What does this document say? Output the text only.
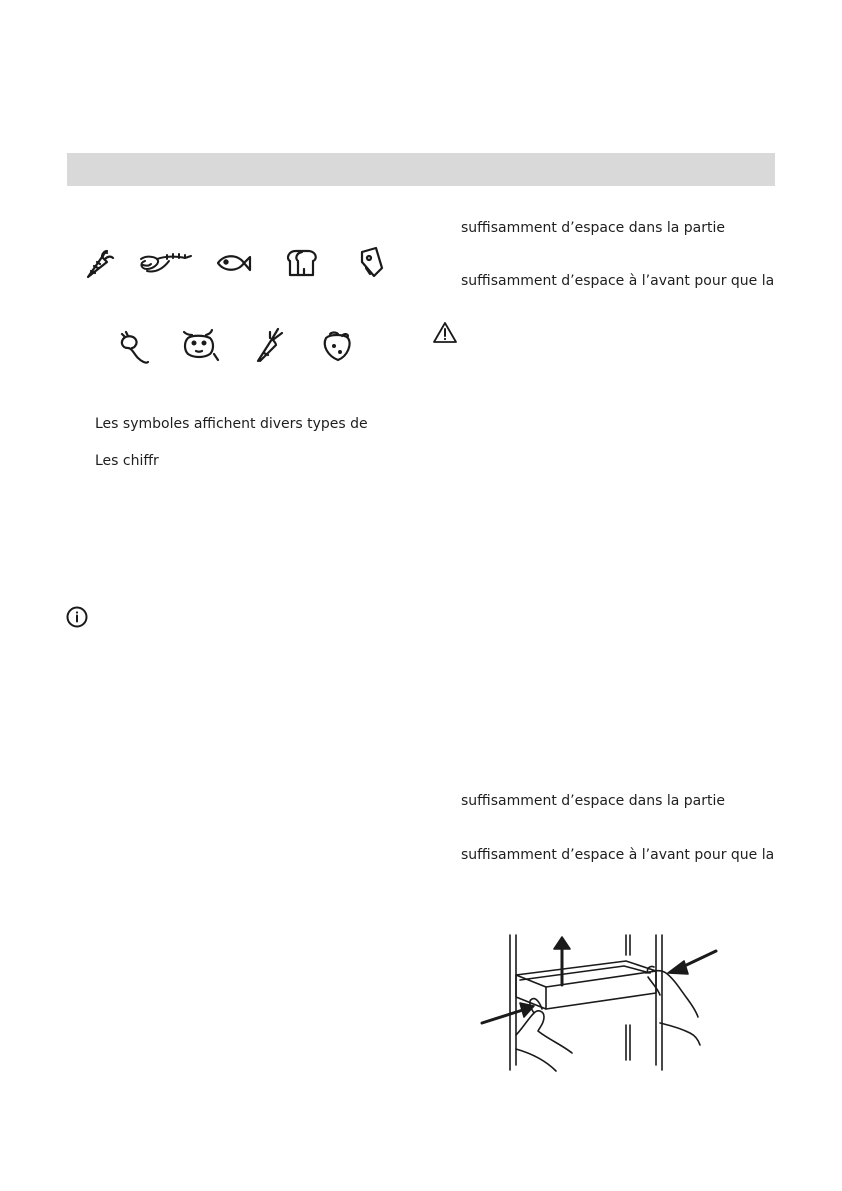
Les symboles affichent divers types de
Les chiffr
suffisamment d’espace dans la partie
suffisamment d’espace à l’avant pour que la
suffisamment d’espace dans la partie
suffisamment d’espace à l’avant pour que la
